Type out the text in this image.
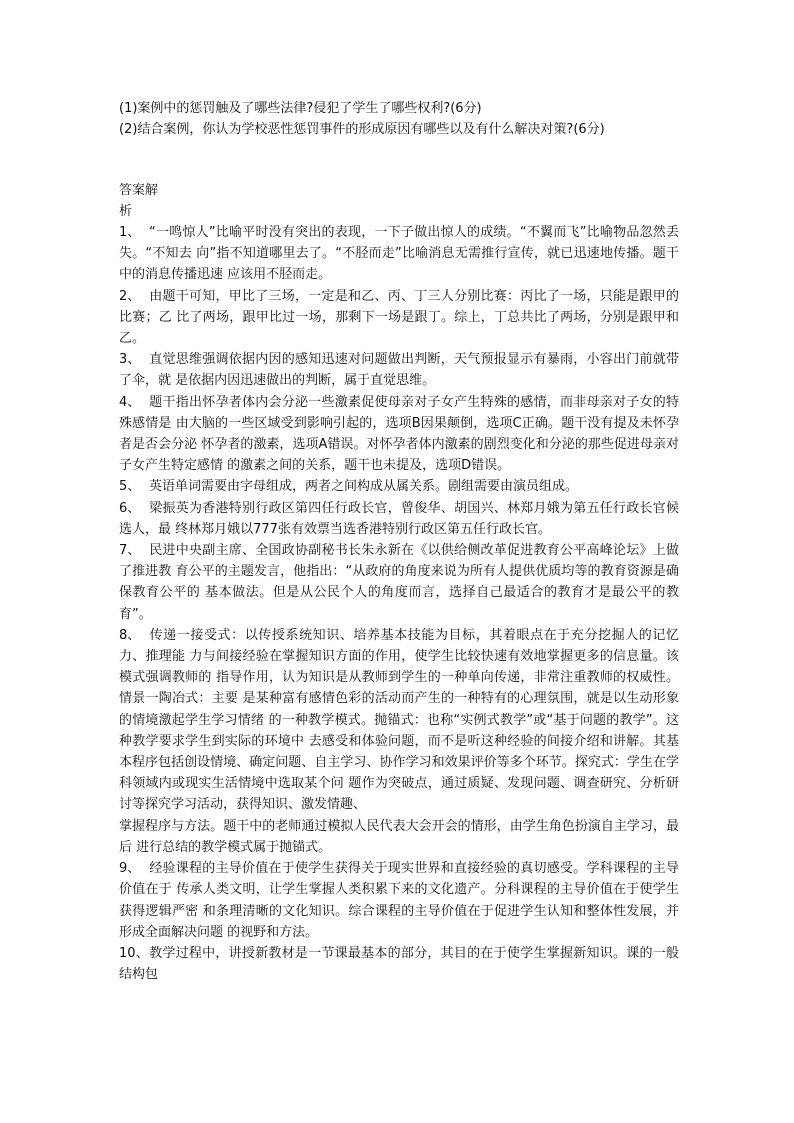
(1)案例中的惩罚触及了哪些法律?侵犯了学生了哪些权利?(6分)
(2)结合案例，你认为学校恶性惩罚事件的形成原因有哪些以及有什么解决对策?(6分)
答案解
析

1、 “一鸣惊人”比喻平时没有突出的表现，一下子做出惊人的成绩。“不翼而飞”比喻物品忽然丢失。“不知去 向”指不知道哪里去了。“不胫而走”比喻消息无需推行宣传，就已迅速地传播。题干中的消息传播迅速 应该用不胫而走。

2、 由题干可知，甲比了三场，一定是和乙、丙、丁三人分别比赛：丙比了一场，只能是跟甲的比赛；乙 比了两场，跟甲比过一场，那剩下一场是跟丁。综上，丁总共比了两场，分别是跟甲和乙。

3、 直觉思维强调依据内因的感知迅速对问题做出判断，天气预报显示有暴雨，小容出门前就带了伞，就 是依据内因迅速做出的判断，属于直觉思维。

4、 题干指出怀孕者体内会分泌一些激素促使母亲对子女产生特殊的感情，而非母亲对子女的特殊感情是 由大脑的一些区域受到影响引起的，选项B因果颠倒，选项C正确。题干没有提及未怀孕者是否会分泌 怀孕者的激素，选项A错误。对怀孕者体内激素的剧烈变化和分泌的那些促进母亲对子女产生特定感情 的激素之间的关系，题干也未提及，选项D错误。

5、 英语单词需要由字母组成，两者之间构成从属关系。剧组需要由演员组成。

6、 梁振英为香港特别行政区第四任行政长官，曾俊华、胡国兴、林郑月娥为第五任行政长官候选人，最 终林郑月娥以777张有效票当选香港特别行政区第五任行政长官。

7、 民进中央副主席、全国政协副秘书长朱永新在《以供给侧改革促进教育公平高峰论坛》上做了推进教 育公平的主题发言，他指出：“从政府的角度来说为所有人提供优质均等的教育资源是确保教育公平的 基本做法。但是从公民个人的角度而言，选择自己最适合的教育才是最公平的教育”。

8、 传递一接受式：以传授系统知识、培养基本技能为目标，其着眼点在于充分挖掘人的记忆力、推理能 力与间接经验在掌握知识方面的作用，使学生比较快速有效地掌握更多的信息量。该模式强调教师的 指导作用，认为知识是从教师到学生的一种单向传递，非常注重教师的权威性。情景一陶冶式：主要 是某种富有感情色彩的活动而产生的一种特有的心理氛围，就是以生动形象的情境激起学生学习情绪 的一种教学模式。抛锚式：也称“实例式教学”或“基于问题的教学”。这种教学要求学生到实际的环境中 去感受和体验问题，而不是听这种经验的间接介绍和讲解。其基本程序包括创设情境、确定问题、自主学习、协作学习和效果评价等多个环节。探究式：学生在学科领域内或现实生活情境中选取某个问 题作为突破点，通过质疑、发现问题、调查研究、分析研讨等探究学习活动，获得知识、激发情趣、

掌握程序与方法。题干中的老师通过模拟人民代表大会开会的情形，由学生角色扮演自主学习，最后 进行总结的教学模式属于抛锚式。

9、 经验课程的主导价值在于使学生获得关于现实世界和直接经验的真切感受。学科课程的主导价值在于 传承人类文明，让学生掌握人类积累下来的文化遗产。分科课程的主导价值在于使学生获得逻辑严密 和条理清晰的文化知识。综合课程的主导价值在于促进学生认知和整体性发展，并形成全面解决问题 的视野和方法。

10、教学过程中，讲授新教材是一节课最基本的部分，其目的在于使学生掌握新知识。课的一般结构包
